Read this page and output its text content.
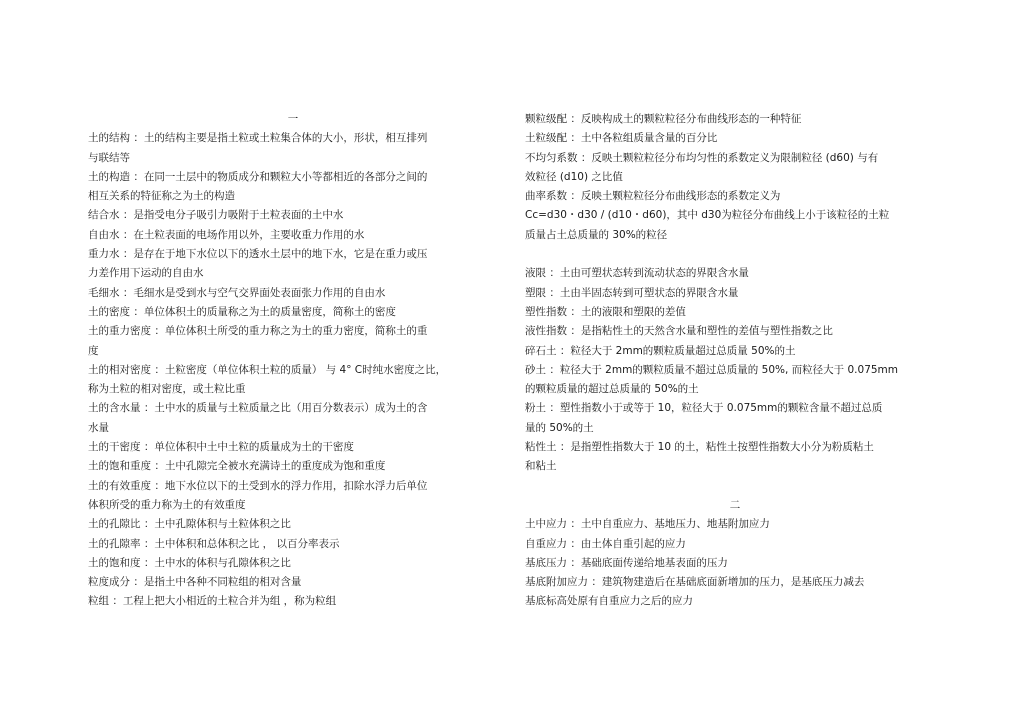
一
土的结构 ：土的结构主要是指土粒或土粒集合体的大小，形状，相互排列
与联结等
土的构造 ：在同一土层中的物质成分和颗粒大小等都相近的各部分之间的
相互关系的特征称之为土的构造
结合水 ：是指受电分子吸引力吸附于土粒表面的土中水
自由水 ：在土粒表面的电场作用以外，主要收重力作用的水
重力水 ：是存在于地下水位以下的透水土层中的地下水，它是在重力或压
力差作用下运动的自由水
毛细水 ：毛细水是受到水与空气交界面处表面张力作用的自由水
土的密度 ：单位体积土的质量称之为土的质量密度，简称土的密度
土的重力密度 ：单位体积土所受的重力称之为土的重力密度，简称土的重
度
土的相对密度 ：土粒密度（单位体积土粒的质量） 与 4° C时纯水密度之比，
称为土粒的相对密度，或土粒比重
土的含水量 ：土中水的质量与土粒质量之比（用百分数表示）成为土的含
水量
土的干密度 ：单位体积中土中土粒的质量成为土的干密度
土的饱和重度 ：土中孔隙完全被水充满诗土的重度成为饱和重度
土的有效重度 ：地下水位以下的土受到水的浮力作用，扣除水浮力后单位
体积所受的重力称为土的有效重度
土的孔隙比 ：土中孔隙体积与土粒体积之比
土的孔隙率 ：土中体积和总体积之比 ， 以百分率表示
土的饱和度 ：土中水的体积与孔隙体积之比
粒度成分 ：是指土中各种不同粒组的相对含量
粒组 ：工程上把大小相近的土粒合并为组 ，称为粒组
颗粒级配 ：反映构成土的颗粒粒径分布曲线形态的一种特征
土粒级配 ：土中各粒组质量含量的百分比
不均匀系数 ：反映土颗粒粒径分布均匀性的系数定义为限制粒径 (d60) 与有
效粒径 (d10) 之比值
曲率系数 ：反映土颗粒粒径分布曲线形态的系数定义为
Cc=d30・d30 / (d10・d60)，其中 d30为粒径分布曲线上小于该粒径的土粒
质量占土总质量的 30%的粒径
液限 ：土由可塑状态转到流动状态的界限含水量
塑限 ：土由半固态转到可塑状态的界限含水量
塑性指数 ：土的液限和塑限的差值
液性指数 ：是指粘性土的天然含水量和塑性的差值与塑性指数之比
碎石土 ：粒径大于 2mm的颗粒质量超过总质量 50%的土
砂土 ：粒径大于 2mm的颗粒质量不超过总质量的 50%, 而粒径大于 0.075mm
的颗粒质量的超过总质量的 50%的土
粉土 ：塑性指数小于或等于 10，粒径大于 0.075mm的颗粒含量不超过总质
量的 50%的土
粘性土 ：是指塑性指数大于 10 的土，粘性土按塑性指数大小分为粉质粘土
和粘土
二
土中应力 ：土中自重应力、基地压力、地基附加应力
自重应力 ：由土体自重引起的应力
基底压力 ：基础底面传递给地基表面的压力
基底附加应力 ：建筑物建造后在基础底面新增加的压力，是基底压力减去
基底标高处原有自重应力之后的应力
